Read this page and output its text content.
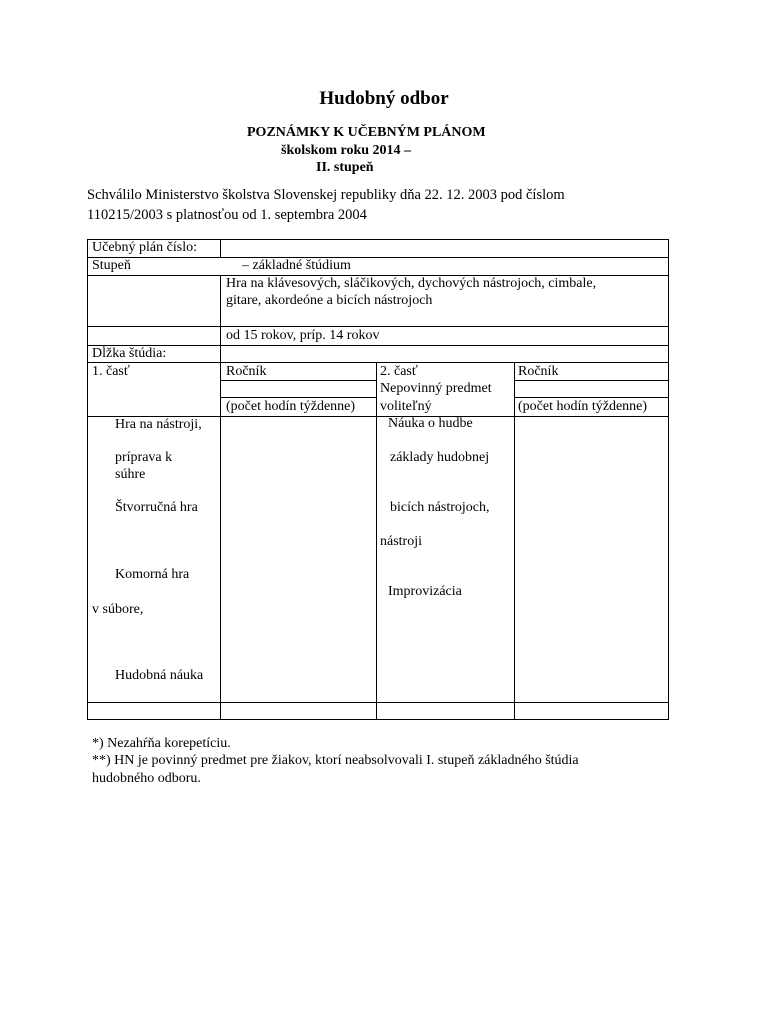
Hudobný odbor
POZNÁMKY K UČEBNÝM PLÁNOM
školskom roku 2014 –
II. stupeň
Schválilo Ministerstvo školstva Slovenskej republiky dňa 22. 12. 2003 pod číslom
110215/2003 s platnosťou od 1. septembra 2004
Učebný plán číslo:
Stupeň	– základné štúdium
Hra na klávesových, sláčikových, dychových nástrojoch, cimbale,
gitare, akordeóne a bicích nástrojoch
od 15 rokov, príp. 14 rokov
Dĺžka štúdia:
1. časť	Ročník
(počet hodín týždenne)
2. časť
Nepovinný predmet
voliteľný
Ročník
(počet hodín týždenne)
Hra na nástroji,
príprava k
súhre
Štvorručná hra
Komorná hra
v súbore,
Hudobná náuka
Náuka o hudbe
základy hudobnej
bicích nástrojoch,
nástroji
Improvizácia
*) Nezahŕňa korepetíciu.
**) HN je povinný predmet pre žiakov, ktorí neabsolvovali I. stupeň základného štúdia
hudobného odboru.
